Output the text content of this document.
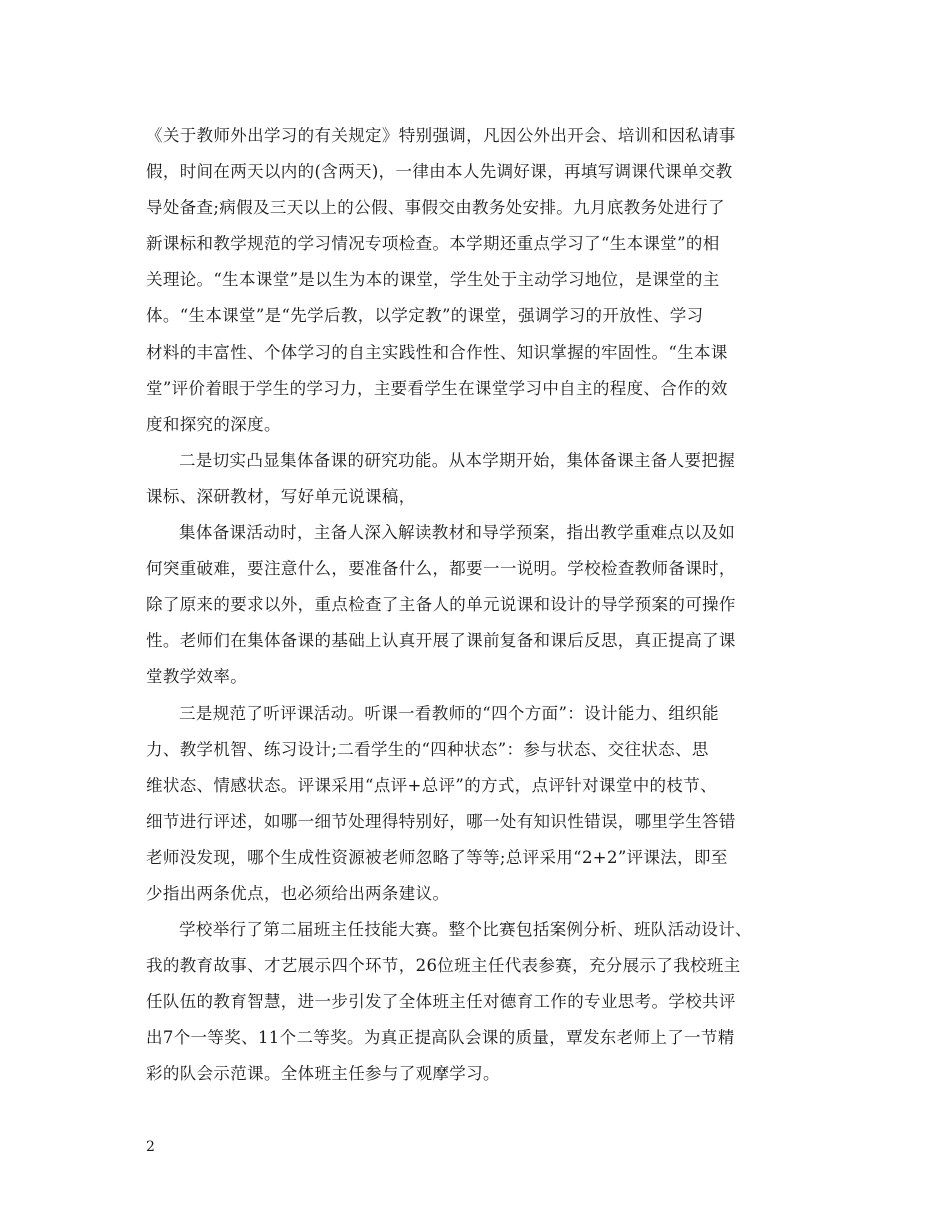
《关于教师外出学习的有关规定》特别强调，凡因公外出开会、培训和因私请事
假，时间在两天以内的(含两天)，一律由本人先调好课，再填写调课代课单交教
导处备查;病假及三天以上的公假、事假交由教务处安排。九月底教务处进行了
新课标和教学规范的学习情况专项检查。本学期还重点学习了“生本课堂”的相
关理论。“生本课堂”是以生为本的课堂，学生处于主动学习地位，是课堂的主
体。“生本课堂”是“先学后教，以学定教”的课堂，强调学习的开放性、学习
材料的丰富性、个体学习的自主实践性和合作性、知识掌握的牢固性。“生本课
堂”评价着眼于学生的学习力，主要看学生在课堂学习中自主的程度、合作的效
度和探究的深度。
二是切实凸显集体备课的研究功能。从本学期开始，集体备课主备人要把握
课标、深研教材，写好单元说课稿，
集体备课活动时，主备人深入解读教材和导学预案，指出教学重难点以及如
何突重破难，要注意什么，要准备什么，都要一一说明。学校检查教师备课时，
除了原来的要求以外，重点检查了主备人的单元说课和设计的导学预案的可操作
性。老师们在集体备课的基础上认真开展了课前复备和课后反思，真正提高了课
堂教学效率。
三是规范了听评课活动。听课一看教师的“四个方面”：设计能力、组织能
力、教学机智、练习设计;二看学生的“四种状态”：参与状态、交往状态、思
维状态、情感状态。评课采用“点评+总评”的方式，点评针对课堂中的枝节、
细节进行评述，如哪一细节处理得特别好，哪一处有知识性错误，哪里学生答错
老师没发现，哪个生成性资源被老师忽略了等等;总评采用“2+2”评课法，即至
少指出两条优点，也必须给出两条建议。
学校举行了第二届班主任技能大赛。整个比赛包括案例分析、班队活动设计、
我的教育故事、才艺展示四个环节，26位班主任代表参赛，充分展示了我校班主
任队伍的教育智慧，进一步引发了全体班主任对德育工作的专业思考。学校共评
出7个一等奖、11个二等奖。为真正提高队会课的质量，覃发东老师上了一节精
彩的队会示范课。全体班主任参与了观摩学习。
2
